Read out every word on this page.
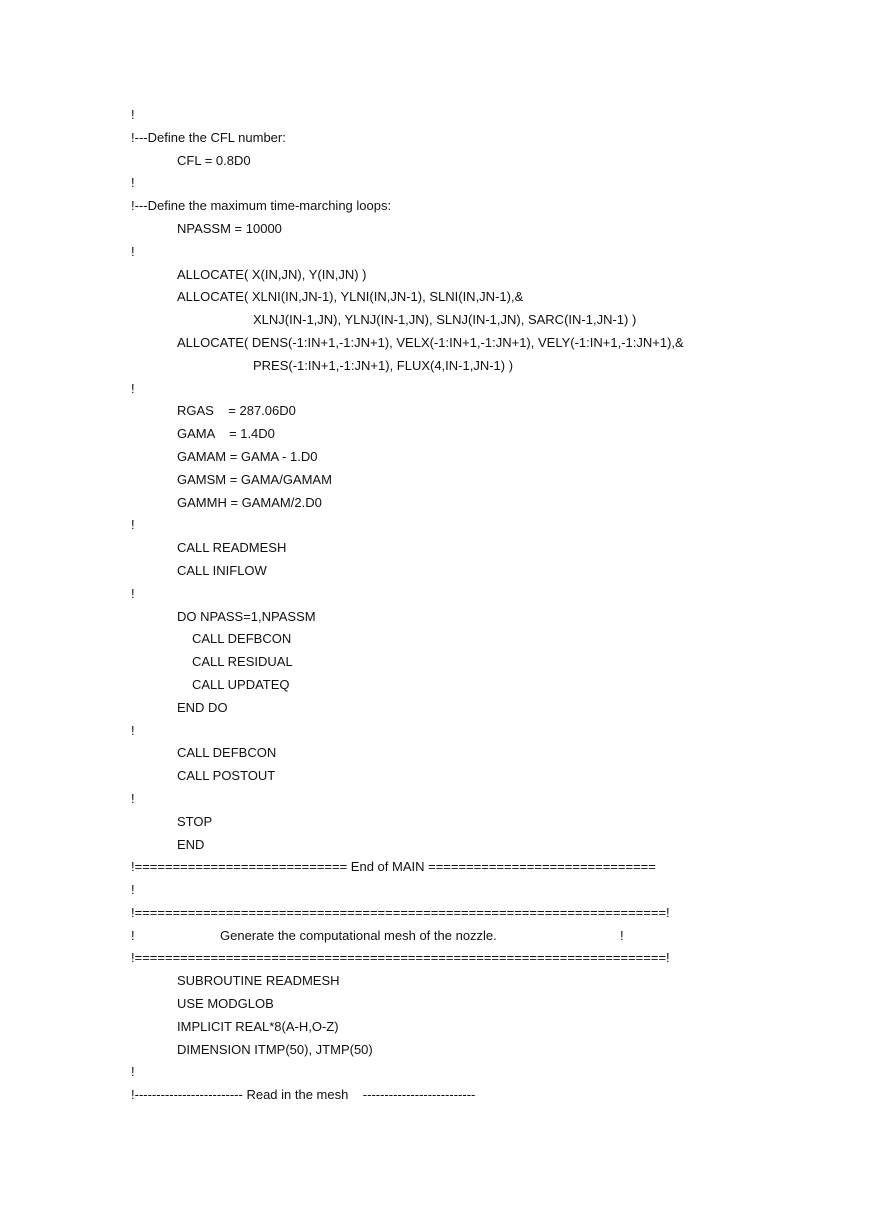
!
!---Define the CFL number:
CFL = 0.8D0
!
!---Define the maximum time-marching loops:
NPASSM = 10000
!
ALLOCATE( X(IN,JN), Y(IN,JN) )
ALLOCATE( XLNI(IN,JN-1), YLNI(IN,JN-1), SLNI(IN,JN-1),&
XLNJ(IN-1,JN), YLNJ(IN-1,JN), SLNJ(IN-1,JN), SARC(IN-1,JN-1) )
ALLOCATE( DENS(-1:IN+1,-1:JN+1), VELX(-1:IN+1,-1:JN+1), VELY(-1:IN+1,-1:JN+1),&
PRES(-1:IN+1,-1:JN+1), FLUX(4,IN-1,JN-1) )
!
RGAS    = 287.06D0
GAMA    = 1.4D0
GAMAM = GAMA - 1.D0
GAMSM = GAMA/GAMAM
GAMMH = GAMAM/2.D0
!
CALL READMESH
CALL INIFLOW
!
DO NPASS=1,NPASSM
CALL DEFBCON
CALL RESIDUAL
CALL UPDATEQ
END DO
!
CALL DEFBCON
CALL POSTOUT
!
STOP
END
!============================ End of MAIN ==============================
!
!======================================================================!
!	Generate the computational mesh of the nozzle.	!
!======================================================================!
SUBROUTINE READMESH
USE MODGLOB
IMPLICIT REAL*8(A-H,O-Z)
DIMENSION ITMP(50), JTMP(50)
!
!------------------------- Read in the mesh    --------------------------
